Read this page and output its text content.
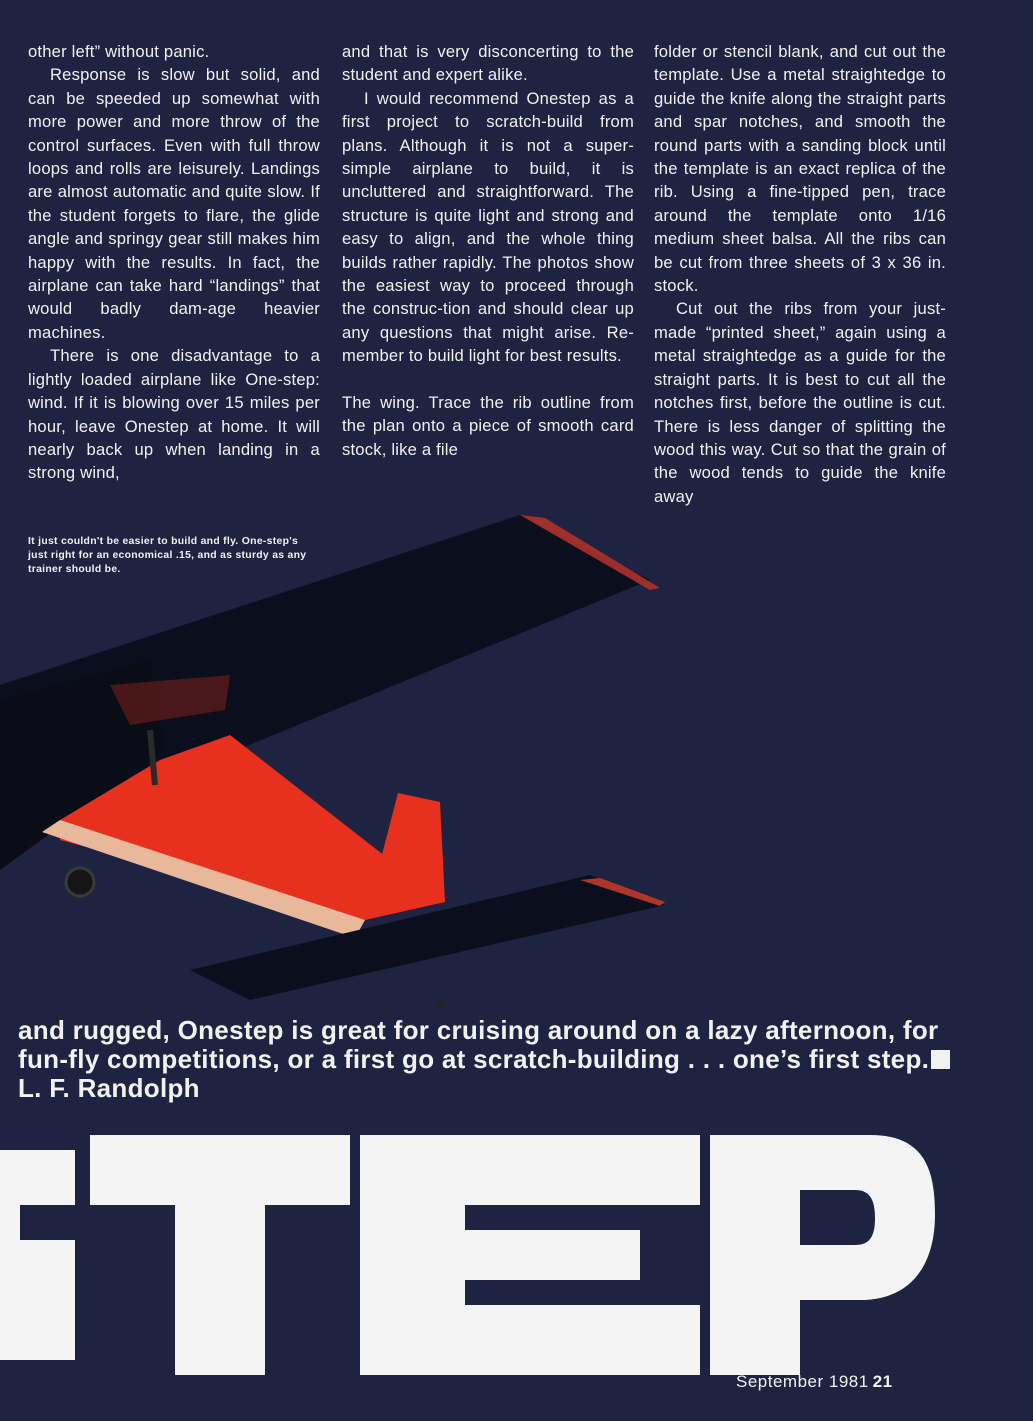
other left” without panic.

Response is slow but solid, and can be speeded up somewhat with more power and more throw of the control surfaces. Even with full throw loops and rolls are leisurely. Landings are almost automatic and quite slow. If the student forgets to flare, the glide angle and springy gear still makes him happy with the results. In fact, the airplane can take hard “landings” that would badly dam-age heavier machines.

There is one disadvantage to a lightly loaded airplane like One-step: wind. If it is blowing over 15 miles per hour, leave Onestep at home. It will nearly back up when landing in a strong wind,

and that is very disconcerting to the student and expert alike.

I would recommend Onestep as a first project to scratch-build from plans. Although it is not a super-simple airplane to build, it is uncluttered and straightforward. The structure is quite light and strong and easy to align, and the whole thing builds rather rapidly. The photos show the easiest way to proceed through the construc-tion and should clear up any questions that might arise. Re-member to build light for best results.

The wing. Trace the rib outline from the plan onto a piece of smooth card stock, like a file

folder or stencil blank, and cut out the template. Use a metal straightedge to guide the knife along the straight parts and spar notches, and smooth the round parts with a sanding block until the template is an exact replica of the rib. Using a fine-tipped pen, trace around the template onto 1/16 medium sheet balsa. All the ribs can be cut from three sheets of 3 x 36 in. stock.

Cut out the ribs from your just-made “printed sheet,” again using a metal straightedge as a guide for the straight parts. It is best to cut all the notches first, before the outline is cut. There is less danger of splitting the wood this way. Cut so that the grain of the wood tends to guide the knife away

It just couldn't be easier to build and fly. One-step's just right for an economical .15, and as sturdy as any trainer should be.
and rugged, Onestep is great for cruising around on a lazy afternoon, for fun-fly competitions, or a first go at scratch-building . . . one’s first step.L. F. Randolph
September 1981 21
